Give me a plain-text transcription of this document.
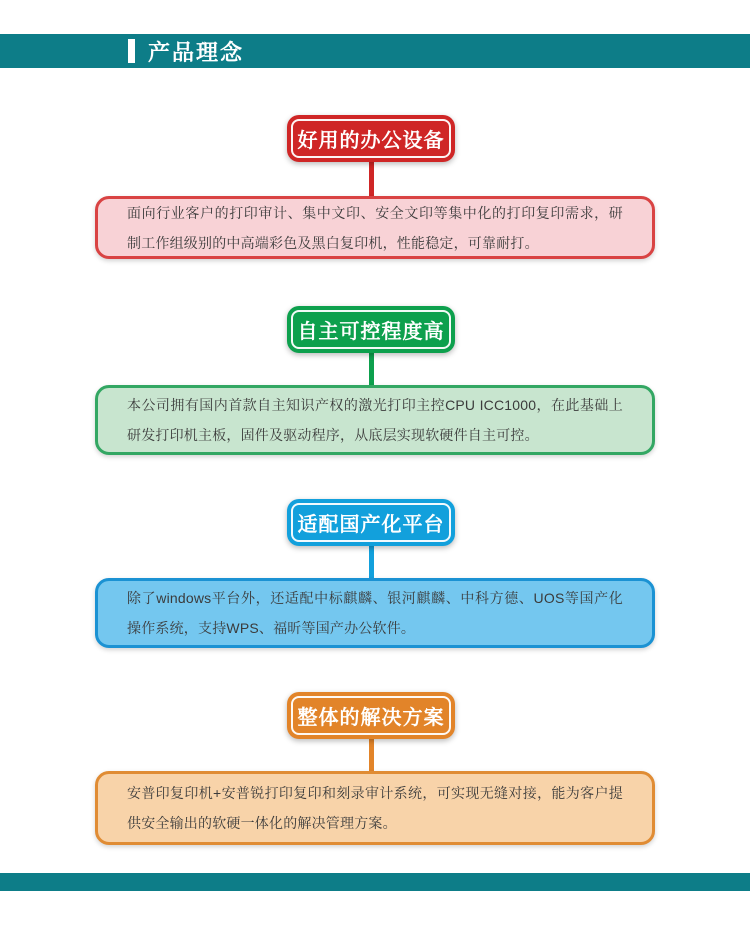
产品理念
好用的办公设备
面向行业客户的打印审计、集中文印、安全文印等集中化的打印复印需求，研制工作组级别的中高端彩色及黑白复印机，性能稳定，可靠耐打。
自主可控程度高
本公司拥有国内首款自主知识产权的激光打印主控CPU ICC1000，在此基础上研发打印机主板，固件及驱动程序，从底层实现软硬件自主可控。
适配国产化平台
除了windows平台外，还适配中标麒麟、银河麒麟、中科方德、UOS等国产化操作系统，支持WPS、福昕等国产办公软件。
整体的解决方案
安普印复印机+安普锐打印复印和刻录审计系统，可实现无缝对接，能为客户提供安全输出的软硬一体化的解决管理方案。
